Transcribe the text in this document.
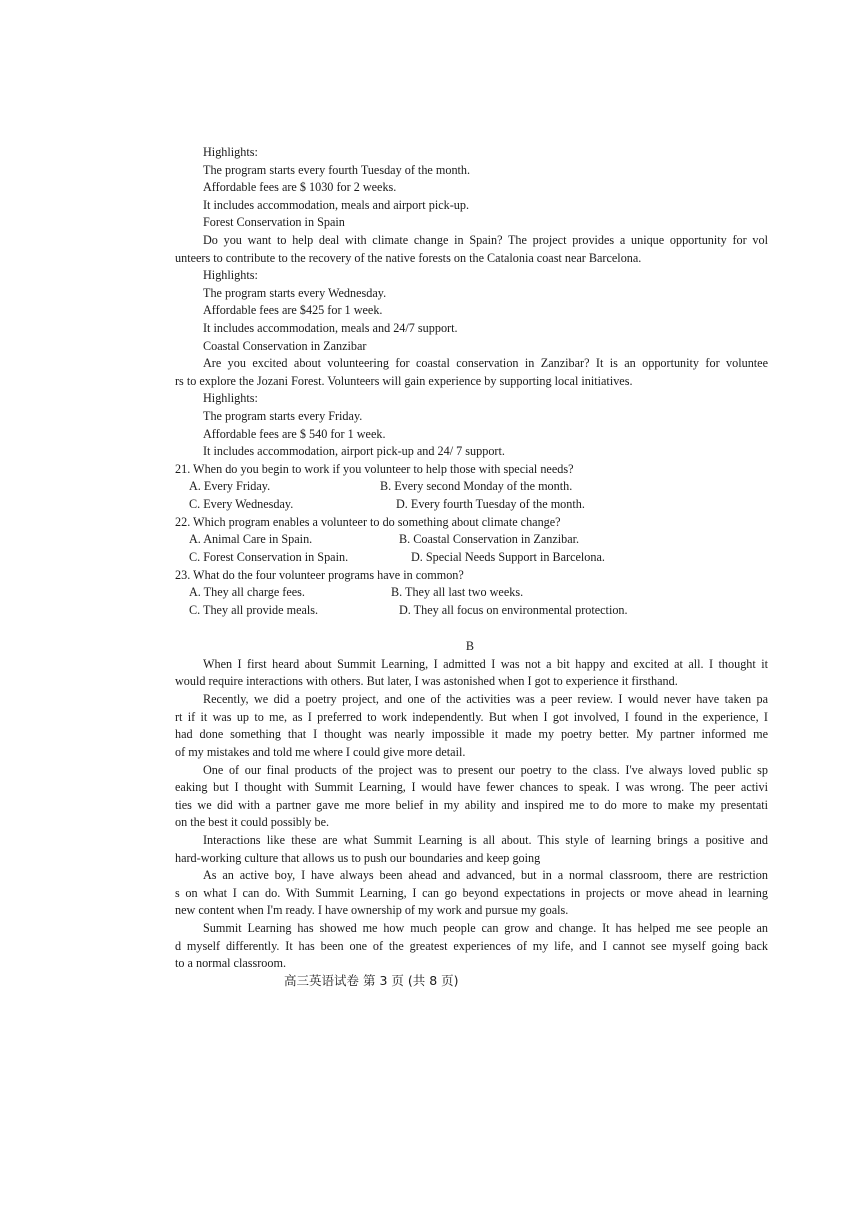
Highlights:
The program starts every fourth Tuesday of the month.
Affordable fees are $ 1030 for 2 weeks.
It includes accommodation, meals and airport pick-up.
Forest Conservation in Spain
Do you want to help deal with climate change in Spain? The project provides a unique opportunity for vol
unteers to contribute to the recovery of the native forests on the Catalonia coast near Barcelona.
Highlights:
The program starts every Wednesday.
Affordable fees are $425 for 1 week.
It includes accommodation, meals and 24/7 support.
Coastal Conservation in Zanzibar
Are you excited about volunteering for coastal conservation in Zanzibar? It is an opportunity for voluntee
rs to explore the Jozani Forest. Volunteers will gain experience by supporting local initiatives.
Highlights:
The program starts every Friday.
Affordable fees are $ 540 for 1 week.
It includes accommodation, airport pick-up and 24/ 7 support.
21. When do you begin to work if you volunteer to help those with special needs?
A. Every Friday.	B. Every second Monday of the month.
C. Every Wednesday.	D. Every fourth Tuesday of the month.
22. Which program enables a volunteer to do something about climate change?
A. Animal Care in Spain.	B. Coastal Conservation in Zanzibar.
C. Forest Conservation in Spain.	D. Special Needs Support in Barcelona.
23. What do the four volunteer programs have in common?
A. They all charge fees.	B. They all last two weeks.
C. They all provide meals.	D. They all focus on environmental protection.
B
When I first heard about Summit Learning, I admitted I was not a bit happy and excited at all. I thought it
would require interactions with others. But later, I was astonished when I got to experience it firsthand.
Recently, we did a poetry project, and one of the activities was a peer review. I would never have taken pa
rt if it was up to me, as I preferred to work independently. But when I got involved, I found in the experience, I
had done something that I thought was nearly impossible it made my poetry better. My partner informed me
of my mistakes and told me where I could give more detail.
One of our final products of the project was to present our poetry to the class. I've always loved public sp
eaking but I thought with Summit Learning, I would have fewer chances to speak. I was wrong. The peer activi
ties we did with a partner gave me more belief in my ability and inspired me to do more to make my presentati
on the best it could possibly be.
Interactions like these are what Summit Learning is all about. This style of learning brings a positive and
hard-working culture that allows us to push our boundaries and keep going
As an active boy, I have always been ahead and advanced, but in a normal classroom, there are restriction
s on what I can do. With Summit Learning, I can go beyond expectations in projects or move ahead in learning
new content when I'm ready. I have ownership of my work and pursue my goals.
Summit Learning has showed me how much people can grow and change. It has helped me see people an
d myself differently. It has been one of the greatest experiences of my life, and I cannot see myself going back
to a normal classroom.
高三英语试卷 第 3 页 (共 8 页)
